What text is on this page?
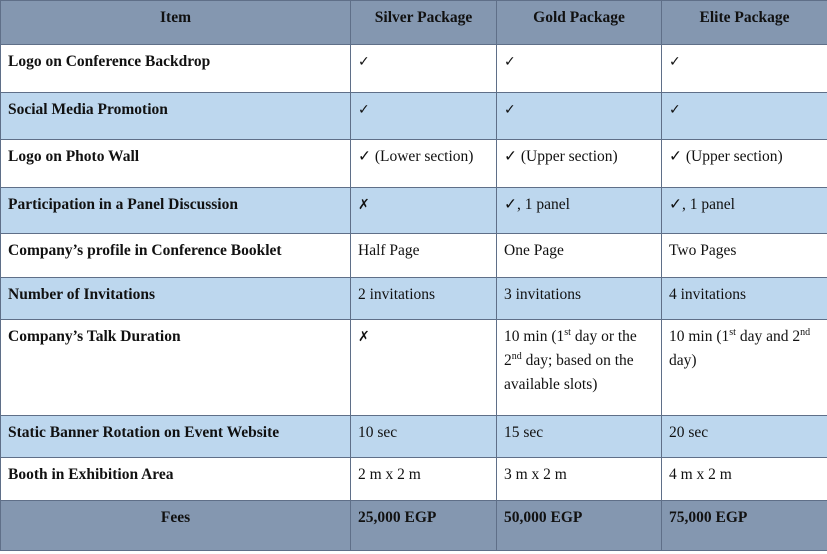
Item	Silver Package	Gold Package	Elite Package
Logo on Conference Backdrop	✓	✓	✓
Social Media Promotion	✓	✓	✓
Logo on Photo Wall	✓ (Lower section)	✓ (Upper section)	✓ (Upper section)
Participation in a Panel Discussion	✗	✓, 1 panel	✓, 1 panel
Company’s profile in Conference Booklet	Half Page	One Page	Two Pages
Number of Invitations	2 invitations	3 invitations	4 invitations
Company’s Talk Duration	✗	10 min (1st day or the 2nd day; based on the available slots)	10 min (1st day and 2nd day)
Static Banner Rotation on Event Website	10 sec	15 sec	20 sec
Booth in Exhibition Area	2 m x 2 m	3 m x 2 m	4 m x 2 m
Fees	25,000 EGP	50,000 EGP	75,000 EGP
